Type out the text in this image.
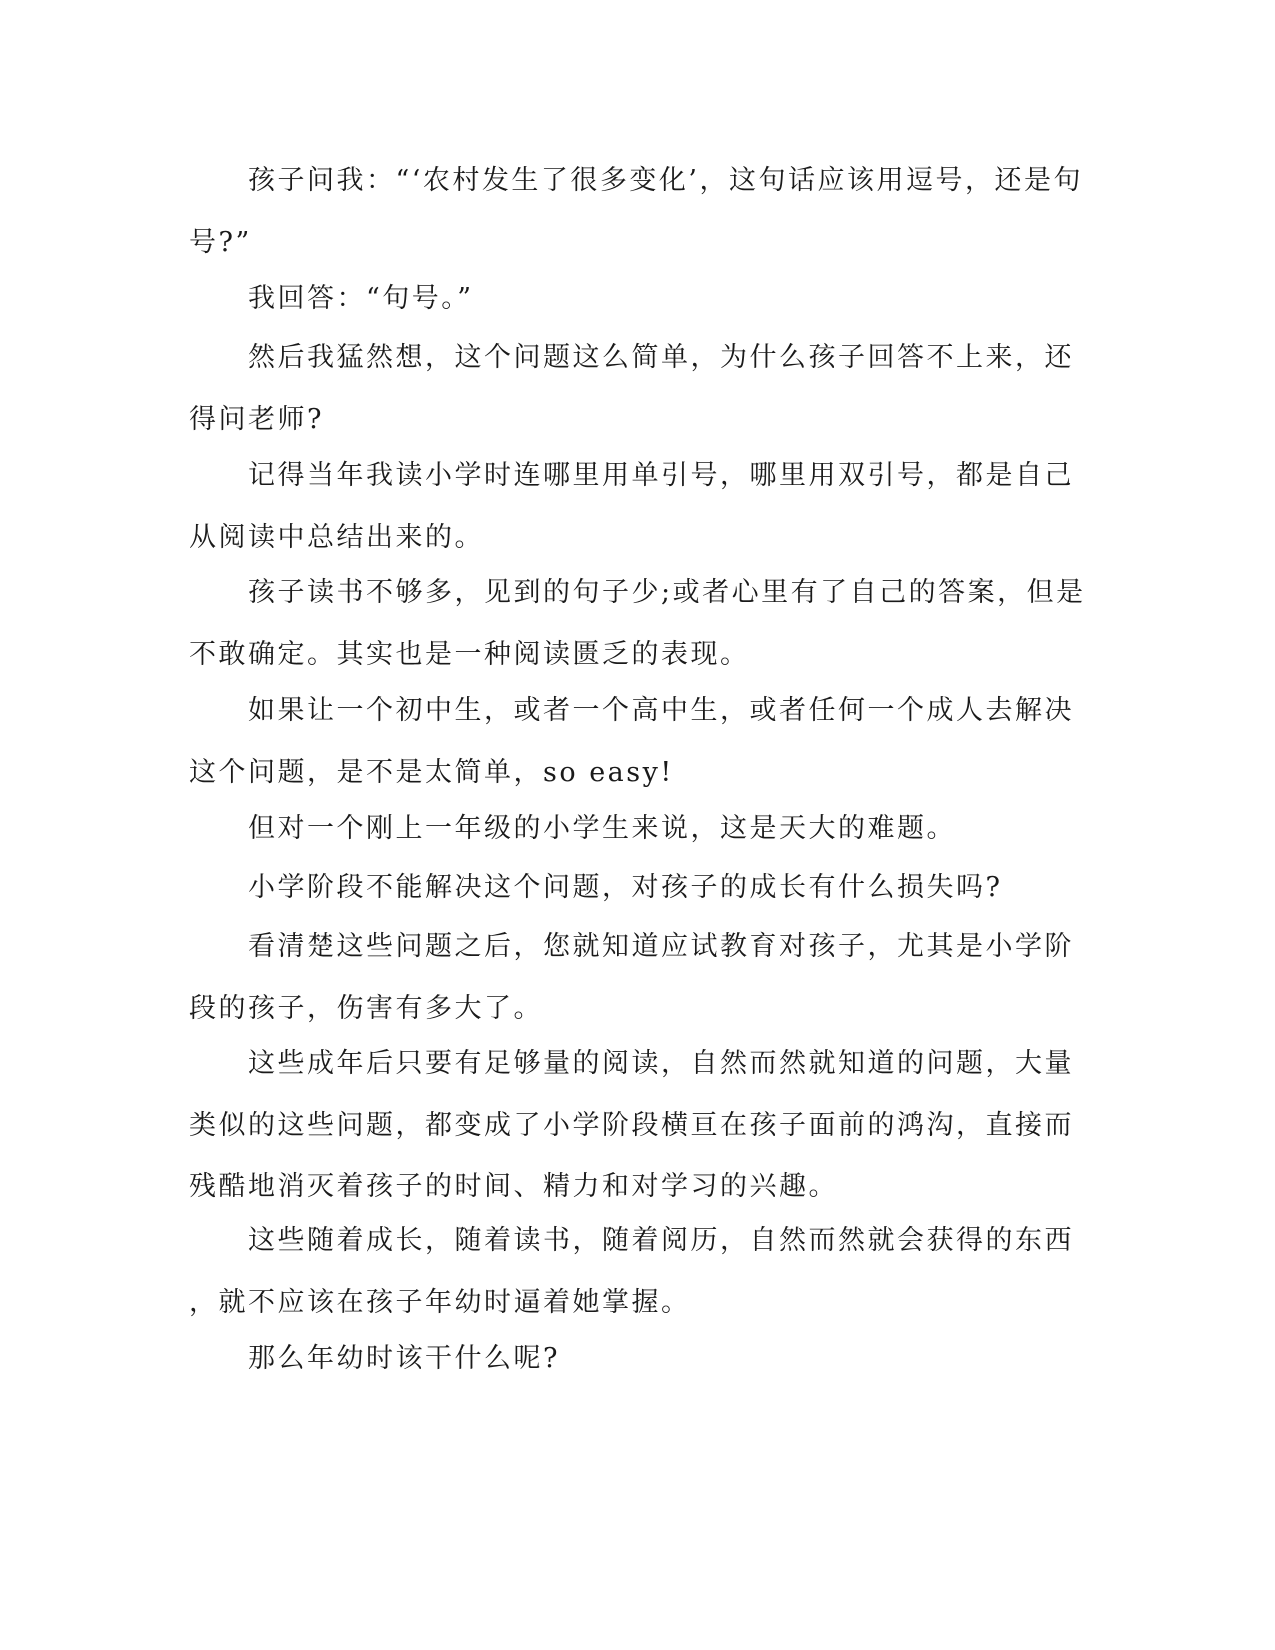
　　孩子问我：“‘农村发生了很多变化’，这句话应该用逗号，还是句
号?”

　　我回答：“句号。”

　　然后我猛然想，这个问题这么简单，为什么孩子回答不上来，还
得问老师?

　　记得当年我读小学时连哪里用单引号，哪里用双引号，都是自己
从阅读中总结出来的。

　　孩子读书不够多，见到的句子少;或者心里有了自己的答案，但是
不敢确定。其实也是一种阅读匮乏的表现。

　　如果让一个初中生，或者一个高中生，或者任何一个成人去解决
这个问题，是不是太简单，so easy!

　　但对一个刚上一年级的小学生来说，这是天大的难题。

　　小学阶段不能解决这个问题，对孩子的成长有什么损失吗?

　　看清楚这些问题之后，您就知道应试教育对孩子，尤其是小学阶
段的孩子，伤害有多大了。

　　这些成年后只要有足够量的阅读，自然而然就知道的问题，大量
类似的这些问题，都变成了小学阶段横亘在孩子面前的鸿沟，直接而
残酷地消灭着孩子的时间、精力和对学习的兴趣。

　　这些随着成长，随着读书，随着阅历，自然而然就会获得的东西
，就不应该在孩子年幼时逼着她掌握。

　　那么年幼时该干什么呢?
